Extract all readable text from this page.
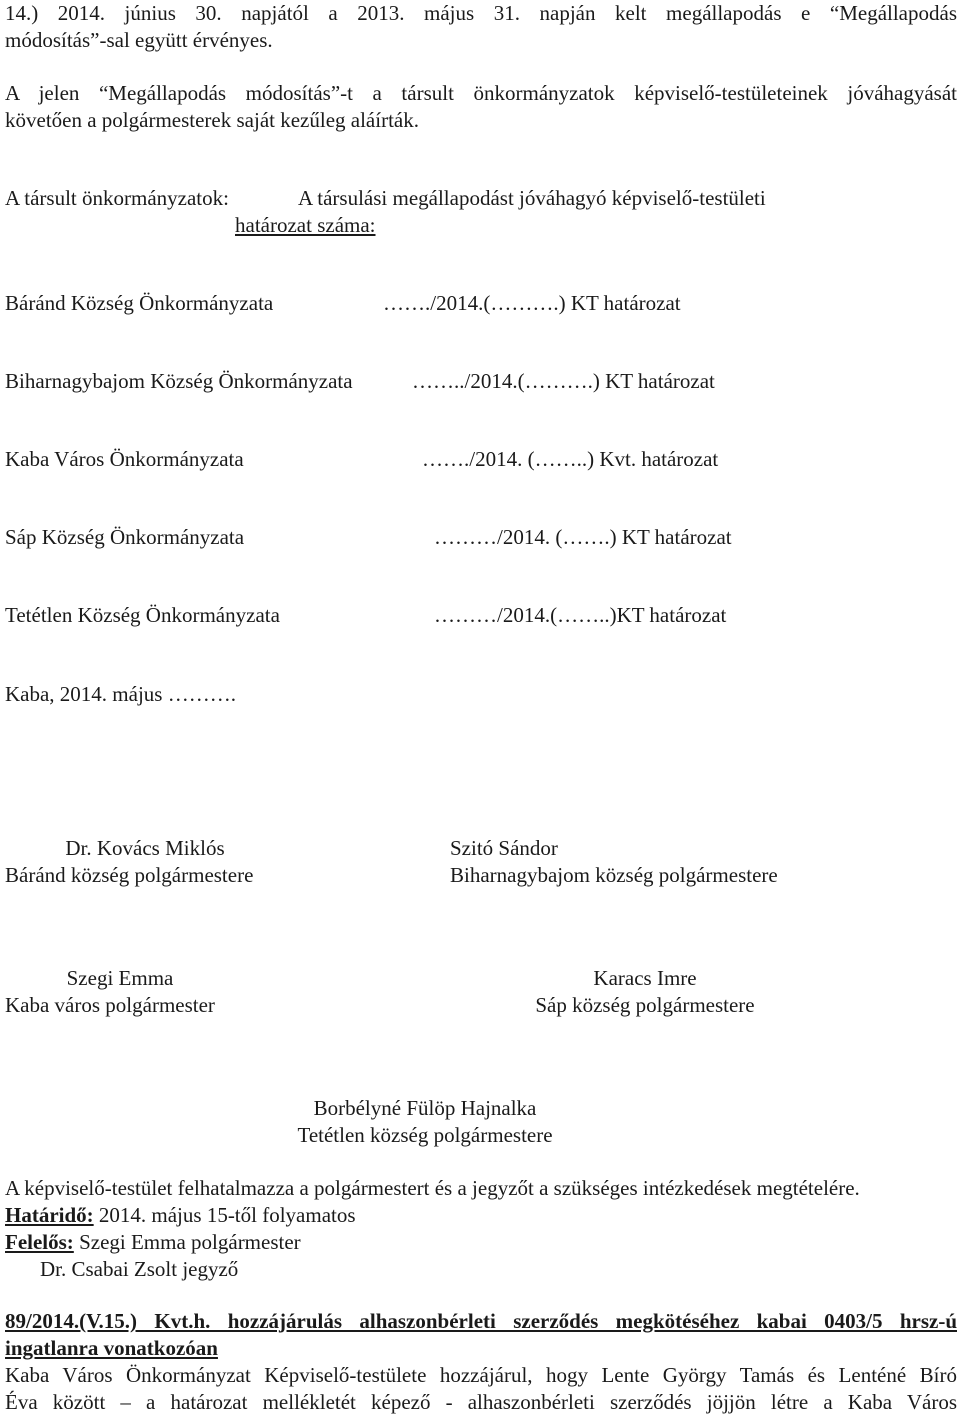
14.) 2014. június 30. napjától a 2013. május 31. napján kelt megállapodás e “Megállapodás
módosítás”-sal együtt érvényes.
A jelen “Megállapodás módosítás”-t a társult önkormányzatok képviselő-testületeinek jóváhagyását
követően a polgármesterek saját kezűleg aláírták.
A társult önkormányzatok:	A társulási megállapodást jóváhagyó képviselő-testületi
határozat száma:
Báránd Község Önkormányzata	……./2014.(……….) KT határozat
Biharnagybajom Község Önkormányzata	……../2014.(……….) KT határozat
Kaba Város Önkormányzata	……./2014. (……..) Kvt. határozat
Sáp Község Önkormányzata	………/2014. (…….) KT határozat
Tetétlen Község Önkormányzata	………/2014.(……..)KT határozat
Kaba, 2014. május ……….
Dr. Kovács Miklós
Báránd község polgármestere
Szitó Sándor
Biharnagybajom község polgármestere
Szegi Emma
Kaba város polgármester
Karacs Imre
Sáp község polgármestere
Borbélyné Fülöp Hajnalka
Tetétlen község polgármestere
A képviselő-testület felhatalmazza a polgármestert és a jegyzőt a szükséges intézkedések megtételére.
Határidő: 2014. május 15-től folyamatos
Felelős: Szegi Emma polgármester
Dr. Csabai Zsolt jegyző
89/2014.(V.15.) Kvt.h. hozzájárulás alhaszonbérleti szerződés megkötéséhez kabai 0403/5 hrsz-ú
ingatlanra vonatkozóan
Kaba Város Önkormányzat Képviselő-testülete hozzájárul, hogy Lente György Tamás és Lenténé Bíró
Éva között – a határozat mellékletét képező - alhaszonbérleti szerződés jöjjön létre a Kaba Város
